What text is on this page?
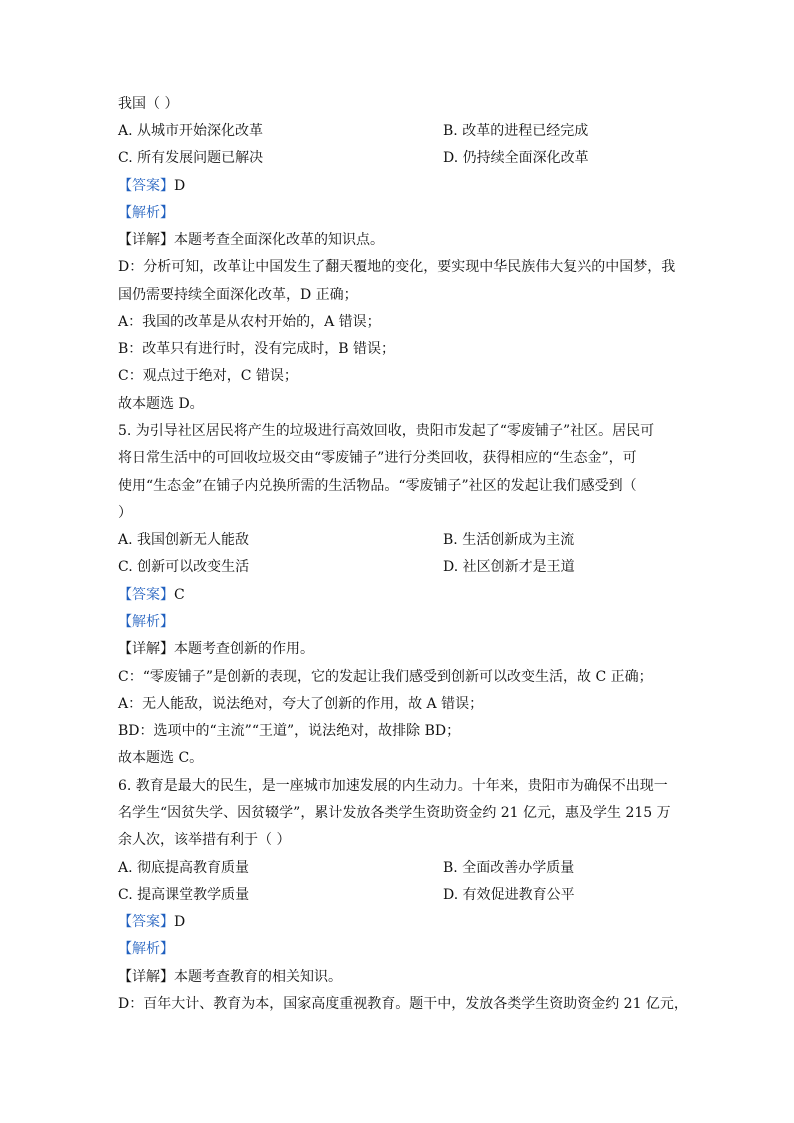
我国（ ）
A. 从城市开始深化改革	B. 改革的进程已经完成
C. 所有发展问题已解决	D. 仍持续全面深化改革
【答案】D
【解析】
【详解】本题考查全面深化改革的知识点。
D：分析可知，改革让中国发生了翻天覆地的变化，要实现中华民族伟大复兴的中国梦，我
国仍需要持续全面深化改革，D 正确；
A：我国的改革是从农村开始的，A 错误；
B：改革只有进行时，没有完成时，B 错误；
C：观点过于绝对，C 错误；
故本题选 D。
5. 为引导社区居民将产生的垃圾进行高效回收，贵阳市发起了“零废铺子”社区。居民可
将日常生活中的可回收垃圾交由“零废铺子”进行分类回收，获得相应的“生态金”，可
使用“生态金”在铺子内兑换所需的生活物品。“零废铺子”社区的发起让我们感受到（
）
A. 我国创新无人能敌	B. 生活创新成为主流
C. 创新可以改变生活	D. 社区创新才是王道
【答案】C
【解析】
【详解】本题考查创新的作用。
C：“零废铺子”是创新的表现，它的发起让我们感受到创新可以改变生活，故 C 正确；
A：无人能敌，说法绝对，夸大了创新的作用，故 A 错误；
BD：选项中的“主流”“王道”，说法绝对，故排除 BD；
故本题选 C。
6. 教育是最大的民生，是一座城市加速发展的内生动力。十年来，贵阳市为确保不出现一
名学生“因贫失学、因贫辍学”，累计发放各类学生资助资金约 21 亿元，惠及学生 215 万
余人次，该举措有利于（ ）
A. 彻底提高教育质量	B. 全面改善办学质量
C. 提高课堂教学质量	D. 有效促进教育公平
【答案】D
【解析】
【详解】本题考查教育的相关知识。
D：百年大计、教育为本，国家高度重视教育。题干中，发放各类学生资助资金约 21 亿元，
